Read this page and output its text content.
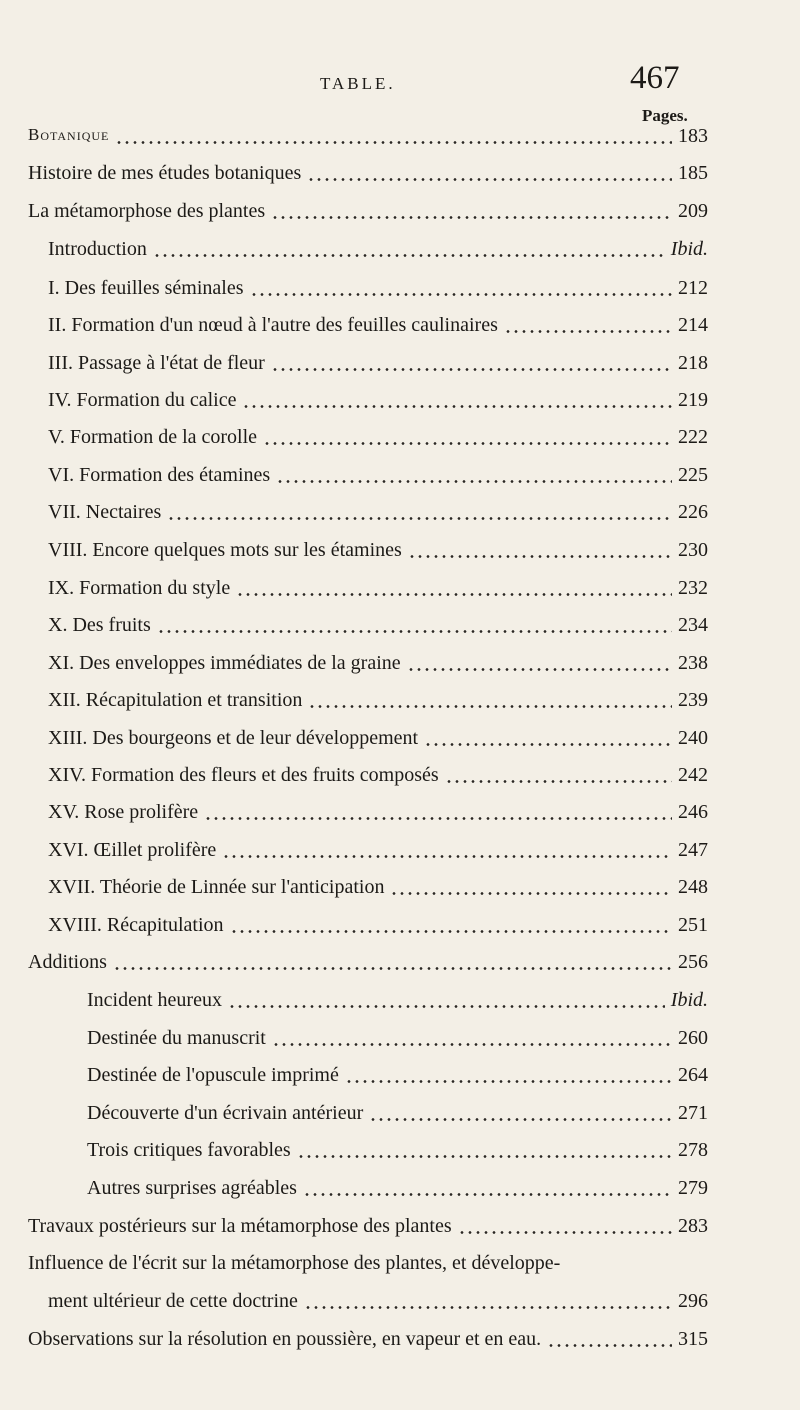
TABLE.	467
Pages.
Botanique	183
Histoire de mes études botaniques	185
La métamorphose des plantes	209
Introduction	Ibid.
I. Des feuilles séminales	212
II. Formation d'un nœud à l'autre des feuilles caulinaires	214
III. Passage à l'état de fleur	218
IV. Formation du calice	219
V. Formation de la corolle	222
VI. Formation des étamines	225
VII. Nectaires	226
VIII. Encore quelques mots sur les étamines	230
IX. Formation du style	232
X. Des fruits	234
XI. Des enveloppes immédiates de la graine	238
XII. Récapitulation et transition	239
XIII. Des bourgeons et de leur développement	240
XIV. Formation des fleurs et des fruits composés	242
XV. Rose prolifère	246
XVI. Œillet prolifère	247
XVII. Théorie de Linnée sur l'anticipation	248
XVIII. Récapitulation	251
Additions	256
Incident heureux	Ibid.
Destinée du manuscrit	260
Destinée de l'opuscule imprimé	264
Découverte d'un écrivain antérieur	271
Trois critiques favorables	278
Autres surprises agréables	279
Travaux postérieurs sur la métamorphose des plantes	283
Influence de l'écrit sur la métamorphose des plantes, et développe-
ment ultérieur de cette doctrine	296
Observations sur la résolution en poussière, en vapeur et en eau.	315
